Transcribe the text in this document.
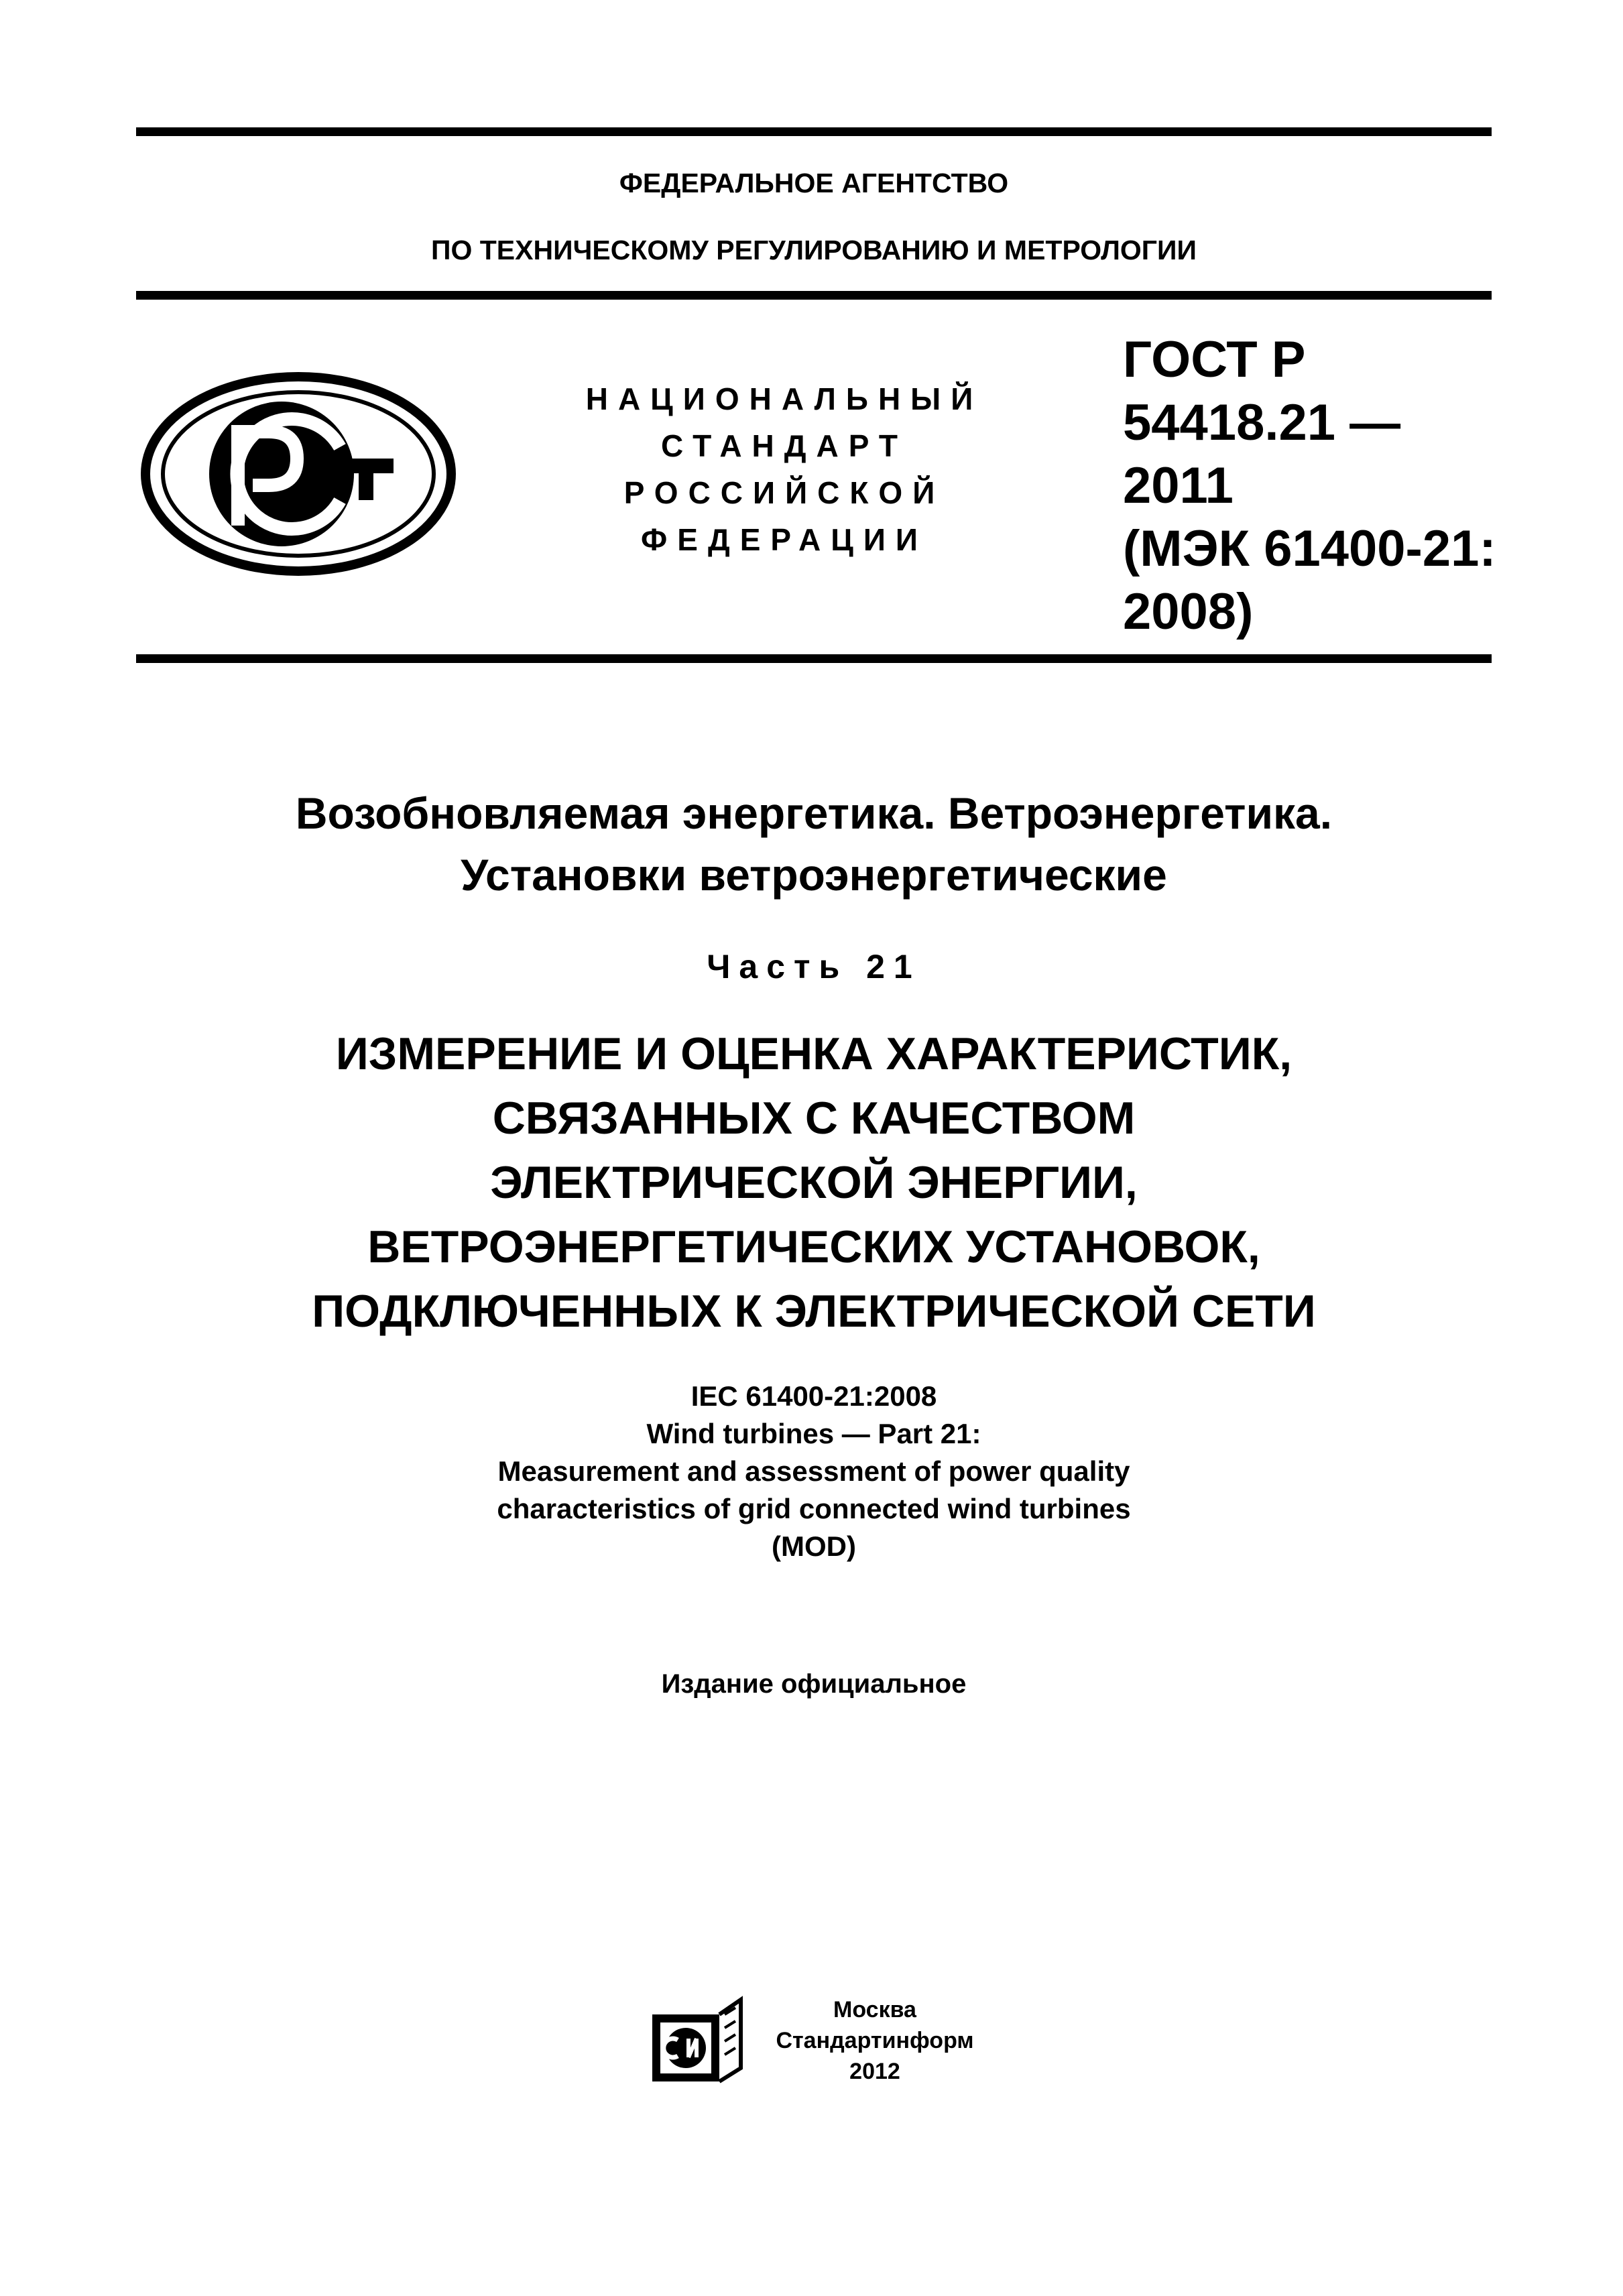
ФЕДЕРАЛЬНОЕ АГЕНТСТВО
ПО ТЕХНИЧЕСКОМУ РЕГУЛИРОВАНИЮ И МЕТРОЛОГИИ
НАЦИОНАЛЬНЫЙ
СТАНДАРТ
РОССИЙСКОЙ
ФЕДЕРАЦИИ
ГОСТ Р
54418.21 —
2011
(МЭК 61400-21:
2008)
Возобновляемая энергетика. Ветроэнергетика.
Установки ветроэнергетические
Часть 21
ИЗМЕРЕНИЕ И ОЦЕНКА ХАРАКТЕРИСТИК,
СВЯЗАННЫХ С КАЧЕСТВОМ
ЭЛЕКТРИЧЕСКОЙ ЭНЕРГИИ,
ВЕТРОЭНЕРГЕТИЧЕСКИХ УСТАНОВОК,
ПОДКЛЮЧЕННЫХ К ЭЛЕКТРИЧЕСКОЙ СЕТИ
IEC 61400-21:2008
Wind turbines — Part 21:
Measurement and assessment of power quality
characteristics of grid connected wind turbines
(MOD)
Издание официальное
Москва
Стандартинформ
2012
